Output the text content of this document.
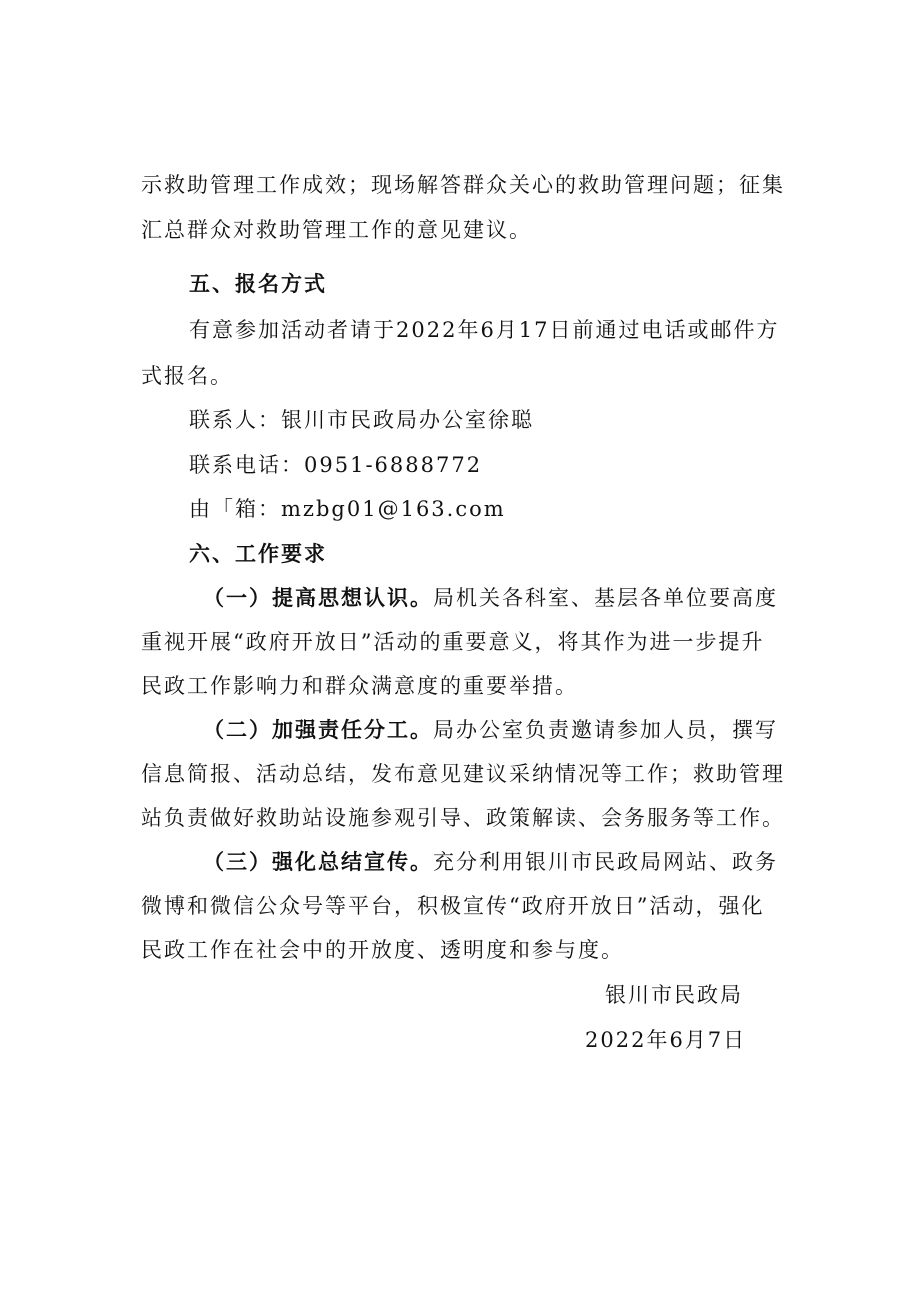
示救助管理工作成效；现场解答群众关心的救助管理问题；征集
汇总群众对救助管理工作的意见建议。
五、报名方式
有意参加活动者请于2022年6月17日前通过电话或邮件方
式报名。
联系人：银川市民政局办公室徐聪
联系电话：0951-6888772
由「箱：mzbg01@163.com
六、工作要求
（一）提高思想认识。局机关各科室、基层各单位要高度
重视开展“政府开放日”活动的重要意义，将其作为进一步提升
民政工作影响力和群众满意度的重要举措。
（二）加强责任分工。局办公室负责邀请参加人员，撰写
信息简报、活动总结，发布意见建议采纳情况等工作；救助管理
站负责做好救助站设施参观引导、政策解读、会务服务等工作。
（三）强化总结宣传。充分利用银川市民政局网站、政务
微博和微信公众号等平台，积极宣传“政府开放日”活动，强化
民政工作在社会中的开放度、透明度和参与度。
银川市民政局
2022年6月7日
